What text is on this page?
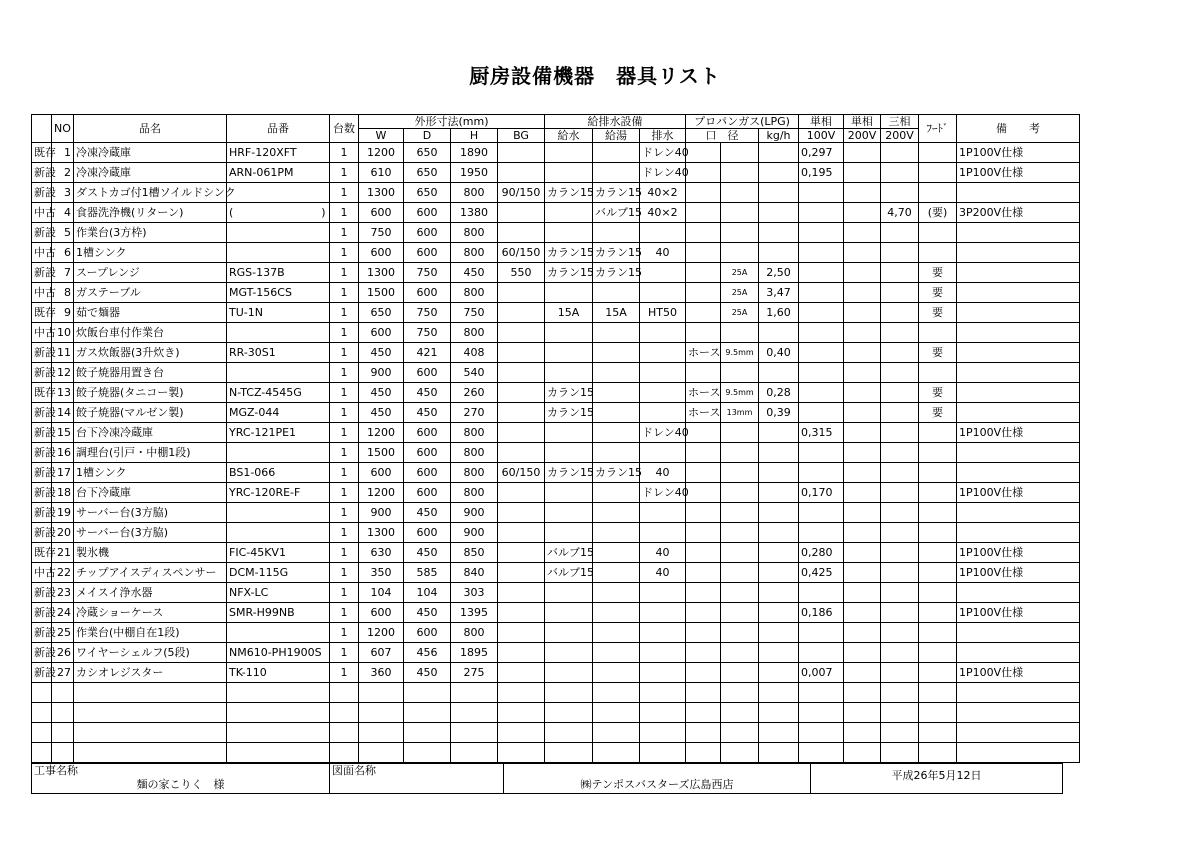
厨房設備機器　器具リスト
	NO	品名	品番	台数	外形寸法(mm)				給排水設備			プロパンガス(LPG)			単相	単相	三相	ﾌｰﾄﾞ	備　　考
					W	D	H	BG	給水	給湯	排水	口　径		kg/h	100V	200V	200V		
既存	1	冷凍冷蔵庫	HRF-120XFT	1	1200	650	1890				ドレン40				0,297				1P100V仕様
新設	2	冷凍冷蔵庫	ARN-061PM	1	610	650	1950				ドレン40				0,195				1P100V仕様
新設	3	ダストカゴ付1槽ソイルドシンク		1	1300	650	800	90/150	カラン15	カラン15	40×2								
中古	4	食器洗浄機(リターン)	(　　　　　　　　)	1	600	600	1380			バルブ15	40×2						4,70	(要)	3P200V仕様
新設	5	作業台(3方枠)		1	750	600	800												
中古	6	1槽シンク		1	600	600	800	60/150	カラン15	カラン15	40								
新設	7	スープレンジ	RGS-137B	1	1300	750	450	550	カラン15	カラン15			25A	2,50				要	
中古	8	ガステーブル	MGT-156CS	1	1500	600	800						25A	3,47				要	
既存	9	茹で麺器	TU-1N	1	650	750	750		15A	15A	HT50		25A	1,60				要	
中古	10	炊飯台車付作業台		1	600	750	800												
新設	11	ガス炊飯器(3升炊き)	RR-30S1	1	450	421	408					ホース	9.5mm	0,40				要	
新設	12	餃子焼器用置き台		1	900	600	540												
既存	13	餃子焼器(タニコー製)	N-TCZ-4545G	1	450	450	260		カラン15			ホース	9.5mm	0,28				要	
新設	14	餃子焼器(マルゼン製)	MGZ-044	1	450	450	270		カラン15			ホース	13mm	0,39				要	
新設	15	台下冷凍冷蔵庫	YRC-121PE1	1	1200	600	800				ドレン40				0,315				1P100V仕様
新設	16	調理台(引戸・中棚1段)		1	1500	600	800												
新設	17	1槽シンク	BS1-066	1	600	600	800	60/150	カラン15	カラン15	40								
新設	18	台下冷蔵庫	YRC-120RE-F	1	1200	600	800				ドレン40				0,170				1P100V仕様
新設	19	サーバー台(3方脇)		1	900	450	900												
新設	20	サーバー台(3方脇)		1	1300	600	900												
既存	21	製氷機	FIC-45KV1	1	630	450	850		バルブ15		40				0,280				1P100V仕様
中古	22	チップアイスディスペンサー	DCM-115G	1	350	585	840		バルブ15		40				0,425				1P100V仕様
新設	23	メイスイ浄水器	NFX-LC	1	104	104	303												
新設	24	冷蔵ショーケース	SMR-H99NB	1	600	450	1395								0,186				1P100V仕様
新設	25	作業台(中棚自在1段)		1	1200	600	800												
新設	26	ワイヤーシェルフ(5段)	NM610-PH1900S	1	607	456	1895												
新設	27	カシオレジスター	TK-110	1	360	450	275								0,007				1P100V仕様

工事名称
麺の家こりく　様

図面名称

㈱テンポスバスターズ広島西店

平成26年5月12日
